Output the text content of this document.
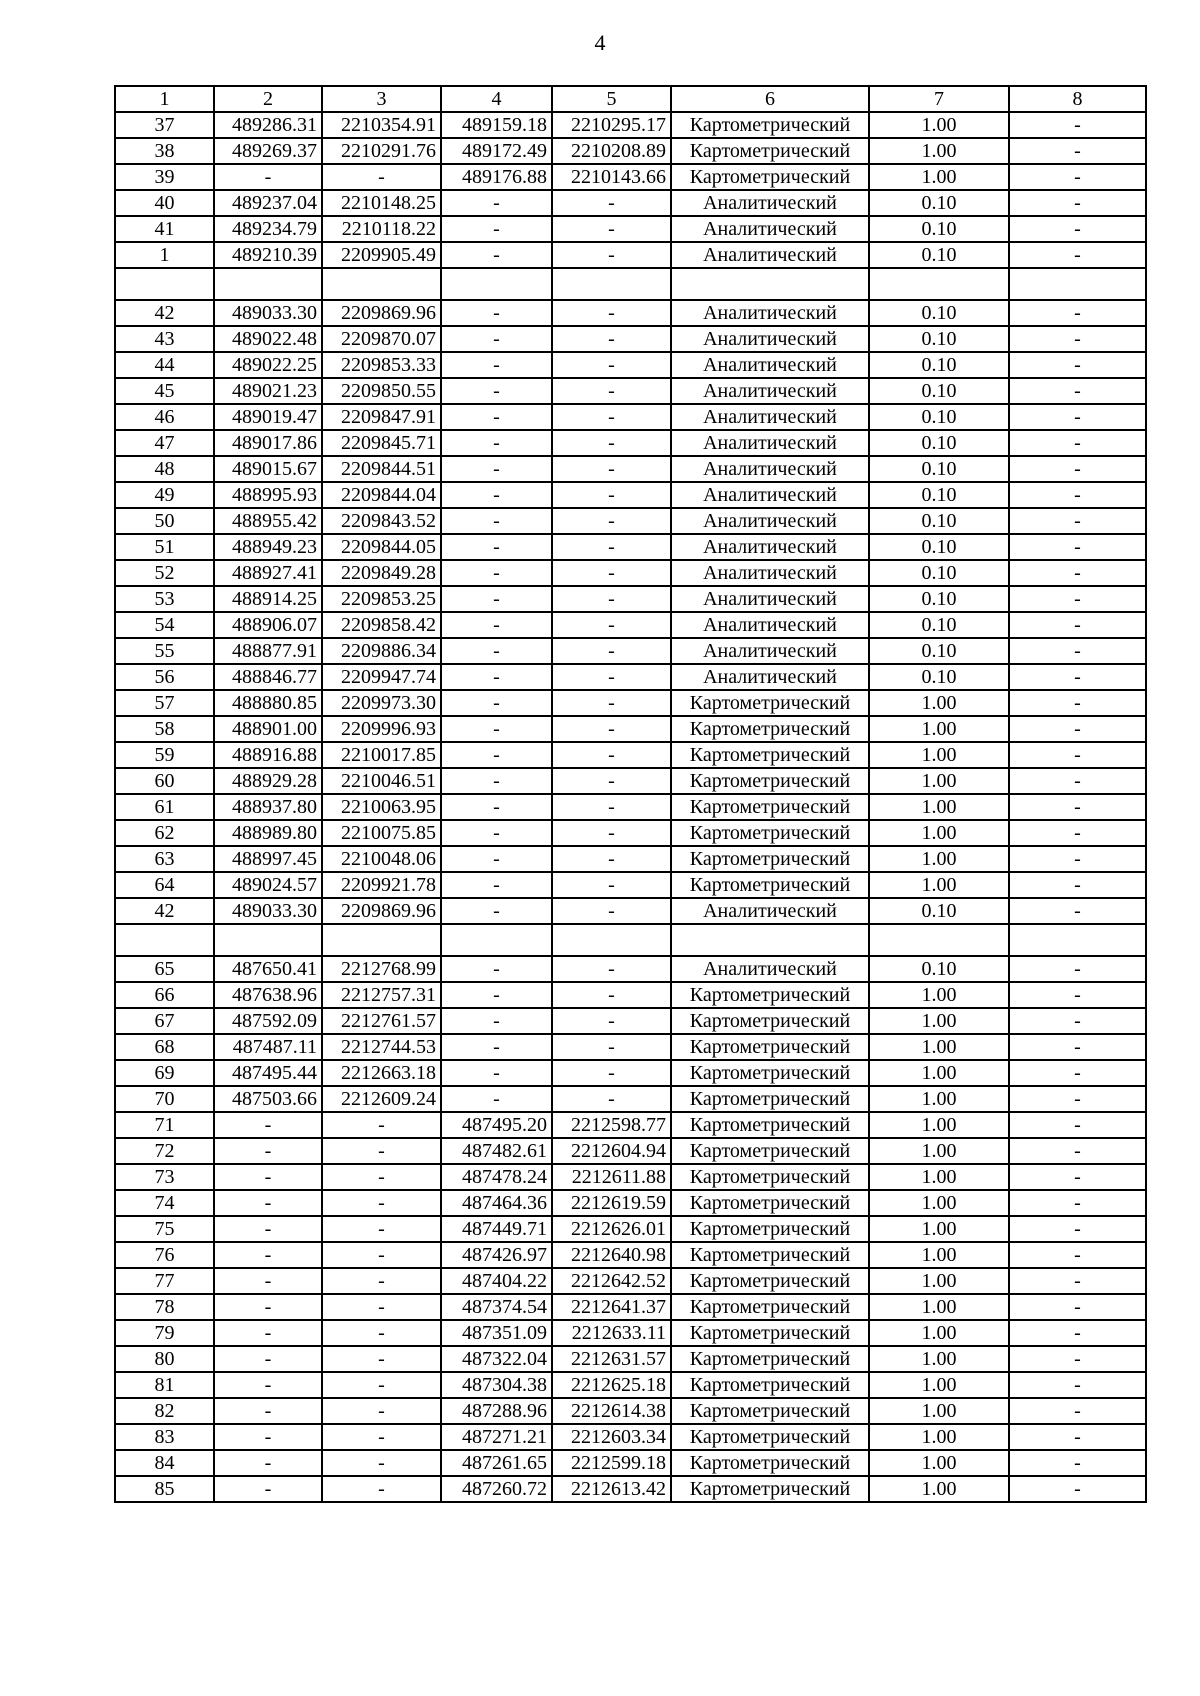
4
1	2	3	4	5	6	7	8
37	489286.31	2210354.91	489159.18	2210295.17	Картометрический	1.00	-
38	489269.37	2210291.76	489172.49	2210208.89	Картометрический	1.00	-
39	-	-	489176.88	2210143.66	Картометрический	1.00	-
40	489237.04	2210148.25	-	-	Аналитический	0.10	-
41	489234.79	2210118.22	-	-	Аналитический	0.10	-
1	489210.39	2209905.49	-	-	Аналитический	0.10	-

42	489033.30	2209869.96	-	-	Аналитический	0.10	-
43	489022.48	2209870.07	-	-	Аналитический	0.10	-
44	489022.25	2209853.33	-	-	Аналитический	0.10	-
45	489021.23	2209850.55	-	-	Аналитический	0.10	-
46	489019.47	2209847.91	-	-	Аналитический	0.10	-
47	489017.86	2209845.71	-	-	Аналитический	0.10	-
48	489015.67	2209844.51	-	-	Аналитический	0.10	-
49	488995.93	2209844.04	-	-	Аналитический	0.10	-
50	488955.42	2209843.52	-	-	Аналитический	0.10	-
51	488949.23	2209844.05	-	-	Аналитический	0.10	-
52	488927.41	2209849.28	-	-	Аналитический	0.10	-
53	488914.25	2209853.25	-	-	Аналитический	0.10	-
54	488906.07	2209858.42	-	-	Аналитический	0.10	-
55	488877.91	2209886.34	-	-	Аналитический	0.10	-
56	488846.77	2209947.74	-	-	Аналитический	0.10	-
57	488880.85	2209973.30	-	-	Картометрический	1.00	-
58	488901.00	2209996.93	-	-	Картометрический	1.00	-
59	488916.88	2210017.85	-	-	Картометрический	1.00	-
60	488929.28	2210046.51	-	-	Картометрический	1.00	-
61	488937.80	2210063.95	-	-	Картометрический	1.00	-
62	488989.80	2210075.85	-	-	Картометрический	1.00	-
63	488997.45	2210048.06	-	-	Картометрический	1.00	-
64	489024.57	2209921.78	-	-	Картометрический	1.00	-
42	489033.30	2209869.96	-	-	Аналитический	0.10	-

65	487650.41	2212768.99	-	-	Аналитический	0.10	-
66	487638.96	2212757.31	-	-	Картометрический	1.00	-
67	487592.09	2212761.57	-	-	Картометрический	1.00	-
68	487487.11	2212744.53	-	-	Картометрический	1.00	-
69	487495.44	2212663.18	-	-	Картометрический	1.00	-
70	487503.66	2212609.24	-	-	Картометрический	1.00	-
71	-	-	487495.20	2212598.77	Картометрический	1.00	-
72	-	-	487482.61	2212604.94	Картометрический	1.00	-
73	-	-	487478.24	2212611.88	Картометрический	1.00	-
74	-	-	487464.36	2212619.59	Картометрический	1.00	-
75	-	-	487449.71	2212626.01	Картометрический	1.00	-
76	-	-	487426.97	2212640.98	Картометрический	1.00	-
77	-	-	487404.22	2212642.52	Картометрический	1.00	-
78	-	-	487374.54	2212641.37	Картометрический	1.00	-
79	-	-	487351.09	2212633.11	Картометрический	1.00	-
80	-	-	487322.04	2212631.57	Картометрический	1.00	-
81	-	-	487304.38	2212625.18	Картометрический	1.00	-
82	-	-	487288.96	2212614.38	Картометрический	1.00	-
83	-	-	487271.21	2212603.34	Картометрический	1.00	-
84	-	-	487261.65	2212599.18	Картометрический	1.00	-
85	-	-	487260.72	2212613.42	Картометрический	1.00	-
